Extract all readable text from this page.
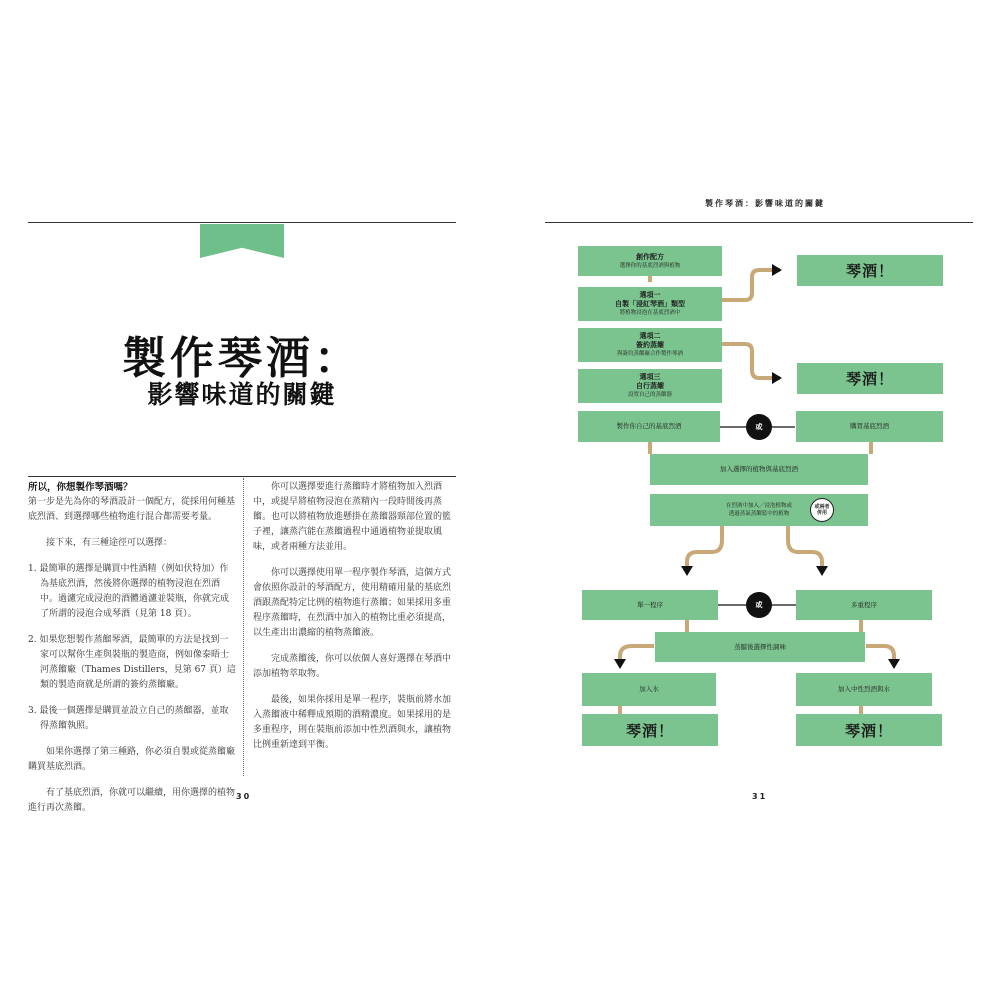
製作琴酒：
影響味道的關鍵

所以，你想製作琴酒嗎？

第一步是先為你的琴酒設計一個配方，從採用何種基底烈酒、到選擇哪些植物進行混合都需要考量。

接下來，有三種途徑可以選擇：

1. 最簡單的選擇是購買中性酒精（例如伏特加）作為基底烈酒，然後將你選擇的植物浸泡在烈酒中。過濾完成浸泡的酒體過濾並裝瓶，你就完成了所謂的浸泡合成琴酒（見第 18 頁）。

2. 如果您想製作蒸餾琴酒，最簡單的方法是找到一家可以幫你生產與裝瓶的製造商，例如像泰晤士河蒸餾廠（Thames Distillers，見第 67 頁）這類的製造商就是所謂的簽約蒸餾廠。

3. 最後一個選擇是購買並設立自己的蒸餾器，並取得蒸餾執照。

如果你選擇了第三種路，你必須自製或從蒸餾廠購買基底烈酒。

有了基底烈酒，你就可以繼續，用你選擇的植物進行再次蒸餾。

你可以選擇要進行蒸餾時才將植物加入烈酒中，或提早將植物浸泡在蒸精內一段時間後再蒸餾。也可以將植物放進懸掛在蒸餾器頸部位置的籃子裡，讓蒸汽能在蒸餾過程中通過植物並提取風味，或者兩種方法並用。

你可以選擇使用單一程序製作琴酒，這個方式會依照你設計的琴酒配方，使用精確用量的基底烈酒跟蒸配特定比例的植物進行蒸餾；如果採用多重程序蒸餾時，在烈酒中加入的植物比重必須提高，以生產出出濃縮的植物蒸餾液。

完成蒸餾後，你可以依個人喜好選擇在琴酒中添加植物萃取物。

最後，如果你採用是單一程序，裝瓶前將水加入蒸餾液中稀釋成預期的酒精濃度。如果採用的是多重程序，則在裝瓶前添加中性烈酒與水，讓植物比例重新達到平衡。

30
製作琴酒：影響味道的關鍵
創作配方
選擇你的基底烈酒與植物
選項一
自製「浸紅琴酒」類型
將植物浸泡在基底烈酒中
選項二
簽約蒸餾
與簽約蒸餾廠合作製作琴酒
選項三
自行蒸餾
設置自己的蒸餾器
琴酒！
琴酒！
製作你自己的基底烈酒	或	購買基底烈酒
加入選擇的植物與基底烈酒
在烈酒中加入／浸泡植物或
透過蒸氣蒸餾籃中的植物
或兩者
併用
單一程序	或	多重程序
蒸餾後選擇性調味
加入水	加入中性烈酒與水
琴酒！	琴酒！
31
